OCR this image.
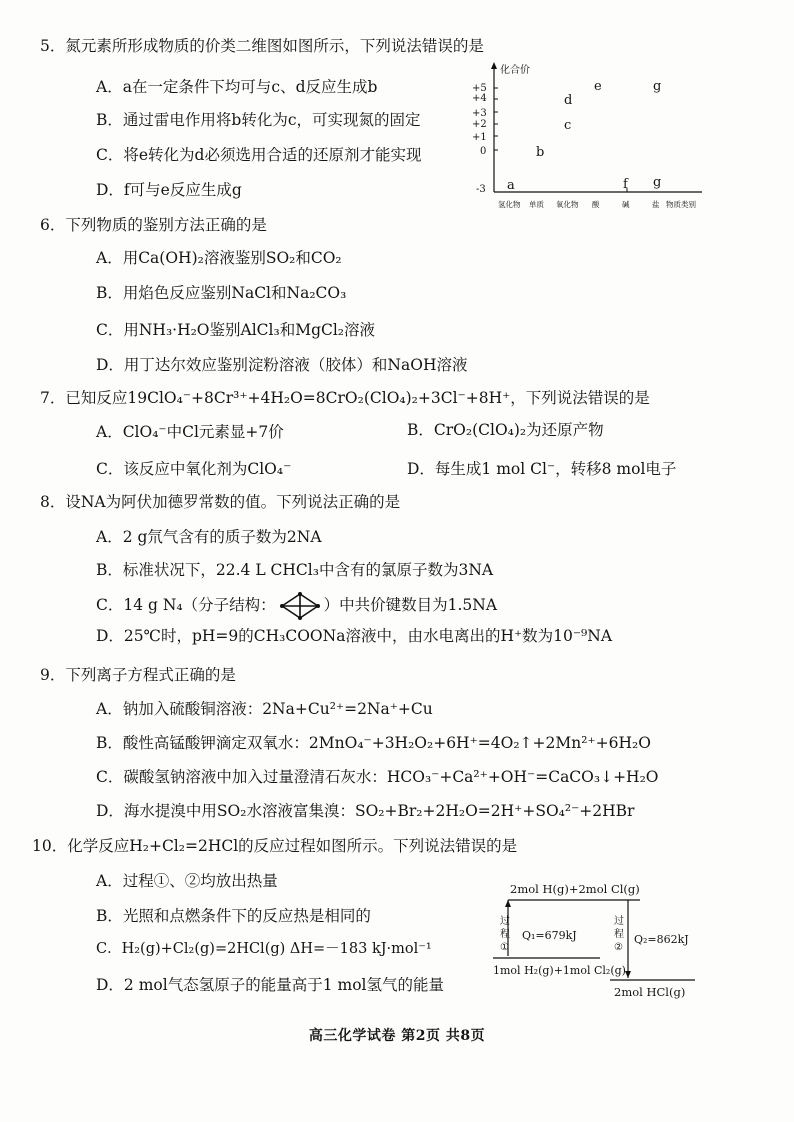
5．氮元素所形成物质的价类二维图如图所示，下列说法错误的是
A．a在一定条件下均可与c、d反应生成b
B．通过雷电作用将b转化为c，可实现氮的固定
C．将e转化为d必须选用合适的还原剂才能实现
D．f可与e反应生成g
化合价
+5
+4
+3
+2
+1
0
-3 a
b
c
d
e
f
g
g
氢化物 单质 氧化物 酸	碱	盐 物质类别
6．下列物质的鉴别方法正确的是
A．用Ca(OH)₂溶液鉴别SO₂和CO₂
B．用焰色反应鉴别NaCl和Na₂CO₃
C．用NH₃·H₂O鉴别AlCl₃和MgCl₂溶液
D．用丁达尔效应鉴别淀粉溶液（胶体）和NaOH溶液
7．已知反应19ClO₄⁻+8Cr³⁺+4H₂O=8CrO₂(ClO₄)₂+3Cl⁻+8H⁺，下列说法错误的是
A．ClO₄⁻中Cl元素显+7价	B．CrO₂(ClO₄)₂为还原产物
C．该反应中氧化剂为ClO₄⁻	D．每生成1 mol Cl⁻，转移8 mol电子
8．设NA为阿伏加德罗常数的值。下列说法正确的是
A．2 g氘气含有的质子数为2NA
B．标准状况下，22.4 L CHCl₃中含有的氯原子数为3NA
C．14 g N₄（分子结构：	）中共价键数目为1.5NA
D．25℃时，pH=9的CH₃COONa溶液中，由水电离出的H⁺数为10⁻⁹NA
9．下列离子方程式正确的是
A．钠加入硫酸铜溶液：2Na+Cu²⁺=2Na⁺+Cu
B．酸性高锰酸钾滴定双氧水：2MnO₄⁻+3H₂O₂+6H⁺=4O₂↑+2Mn²⁺+6H₂O
C．碳酸氢钠溶液中加入过量澄清石灰水：HCO₃⁻+Ca²⁺+OH⁻=CaCO₃↓+H₂O
D．海水提溴中用SO₂水溶液富集溴：SO₂+Br₂+2H₂O=2H⁺+SO₄²⁻+2HBr
10．化学反应H₂+Cl₂=2HCl的反应过程如图所示。下列说法错误的是
A．过程①、②均放出热量
B．光照和点燃条件下的反应热是相同的
C．H₂(g)+Cl₂(g)=2HCl(g) ΔH=－183 kJ·mol⁻¹
D．2 mol气态氢原子的能量高于1 mol氢气的能量
2mol H(g)+2mol Cl(g)
过
程
①
Q₁=679kJ
1mol H₂(g)+1mol Cl₂(g)
过
程
②
Q₂=862kJ
2mol HCl(g)
高三化学试卷 第2页 共8页
